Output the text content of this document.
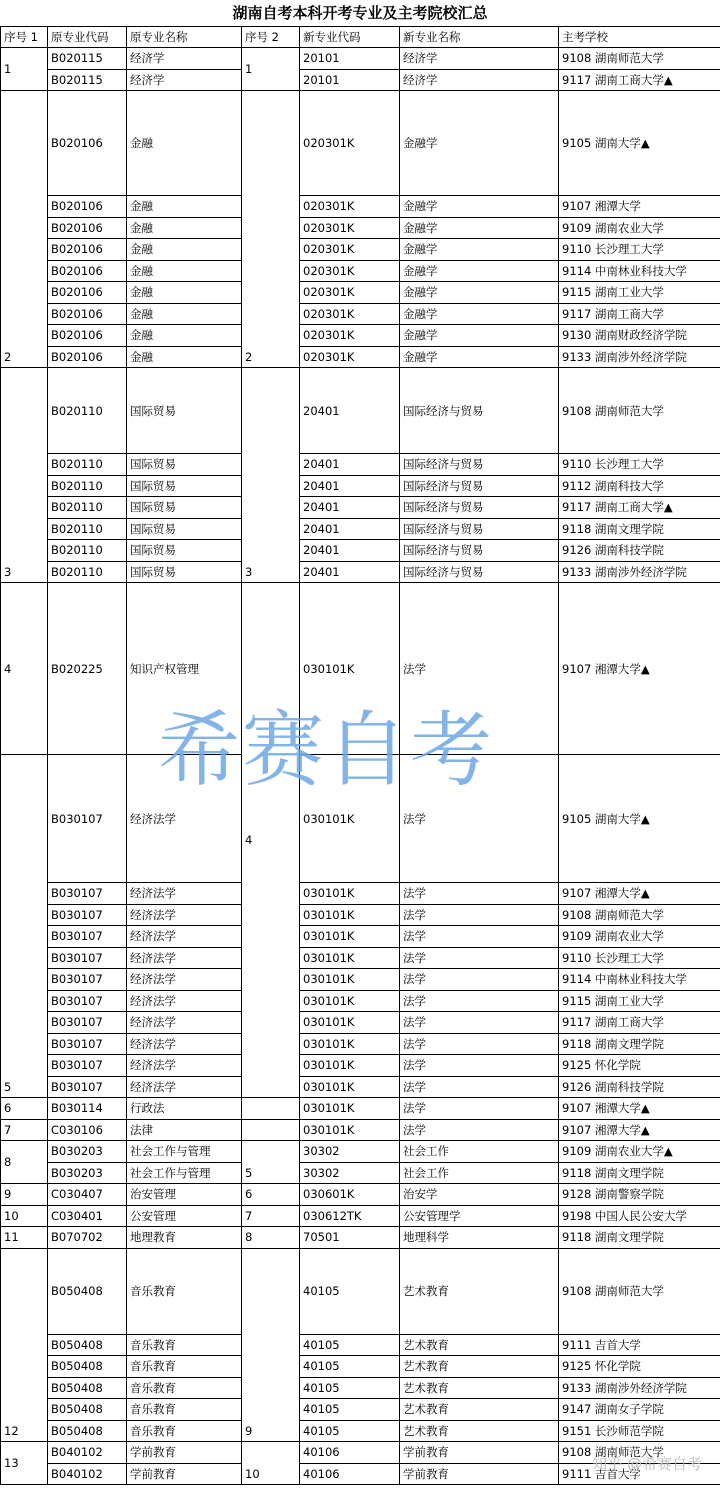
湖南自考本科开考专业及主考院校汇总
序号 1	原专业代码	原专业名称	序号 2	新专业代码	新专业名称	主考学校
1	B020115	经济学	1	20101	经济学	9108 湖南师范大学
	B020115	经济学		20101	经济学	9117 湖南工商大学▲
2	B020106	金融	2	020301K	金融学	9105 湖南大学▲
	B020106	金融		020301K	金融学	9107 湘潭大学
	B020106	金融		020301K	金融学	9109 湖南农业大学
	B020106	金融		020301K	金融学	9110 长沙理工大学
	B020106	金融		020301K	金融学	9114 中南林业科技大学
	B020106	金融		020301K	金融学	9115 湖南工业大学
	B020106	金融		020301K	金融学	9117 湖南工商大学
	B020106	金融		020301K	金融学	9130 湖南财政经济学院
	B020106	金融		020301K	金融学	9133 湖南涉外经济学院
3	B020110	国际贸易	3	20401	国际经济与贸易	9108 湖南师范大学
	B020110	国际贸易		20401	国际经济与贸易	9110 长沙理工大学
	B020110	国际贸易		20401	国际经济与贸易	9112 湖南科技大学
	B020110	国际贸易		20401	国际经济与贸易	9117 湖南工商大学▲
	B020110	国际贸易		20401	国际经济与贸易	9118 湖南文理学院
	B020110	国际贸易		20401	国际经济与贸易	9126 湖南科技学院
	B020110	国际贸易		20401	国际经济与贸易	9133 湖南涉外经济学院
4	B020225	知识产权管理	4	030101K	法学	9107 湘潭大学▲
5	B030107	经济法学		030101K	法学	9105 湖南大学▲
	B030107	经济法学		030101K	法学	9107 湘潭大学▲
	B030107	经济法学		030101K	法学	9108 湖南师范大学
	B030107	经济法学		030101K	法学	9109 湖南农业大学
	B030107	经济法学		030101K	法学	9110 长沙理工大学
	B030107	经济法学		030101K	法学	9114 中南林业科技大学
	B030107	经济法学		030101K	法学	9115 湖南工业大学
	B030107	经济法学		030101K	法学	9117 湖南工商大学
	B030107	经济法学		030101K	法学	9118 湖南文理学院
	B030107	经济法学		030101K	法学	9125 怀化学院
	B030107	经济法学		030101K	法学	9126 湖南科技学院
6	B030114	行政法		030101K	法学	9107 湘潭大学▲
7	C030106	法律		030101K	法学	9107 湘潭大学▲
8	B030203	社会工作与管理	5	30302	社会工作	9109 湖南农业大学▲
	B030203	社会工作与管理		30302	社会工作	9118 湖南文理学院
9	C030407	治安管理	6	030601K	治安学	9128 湖南警察学院
10	C030401	公安管理	7	030612TK	公安管理学	9198 中国人民公安大学
11	B070702	地理教育	8	70501	地理科学	9118 湖南文理学院
12	B050408	音乐教育	9	40105	艺术教育	9108 湖南师范大学
	B050408	音乐教育		40105	艺术教育	9111 吉首大学
	B050408	音乐教育		40105	艺术教育	9125 怀化学院
	B050408	音乐教育		40105	艺术教育	9133 湖南涉外经济学院
	B050408	音乐教育		40105	艺术教育	9147 湖南女子学院
	B050408	音乐教育		40105	艺术教育	9151 长沙师范学院
13	B040102	学前教育	10	40106	学前教育	9108 湖南师范大学
	B040102	学前教育		40106	学前教育	9111 吉首大学
希赛自考
知乎 @希赛自考
